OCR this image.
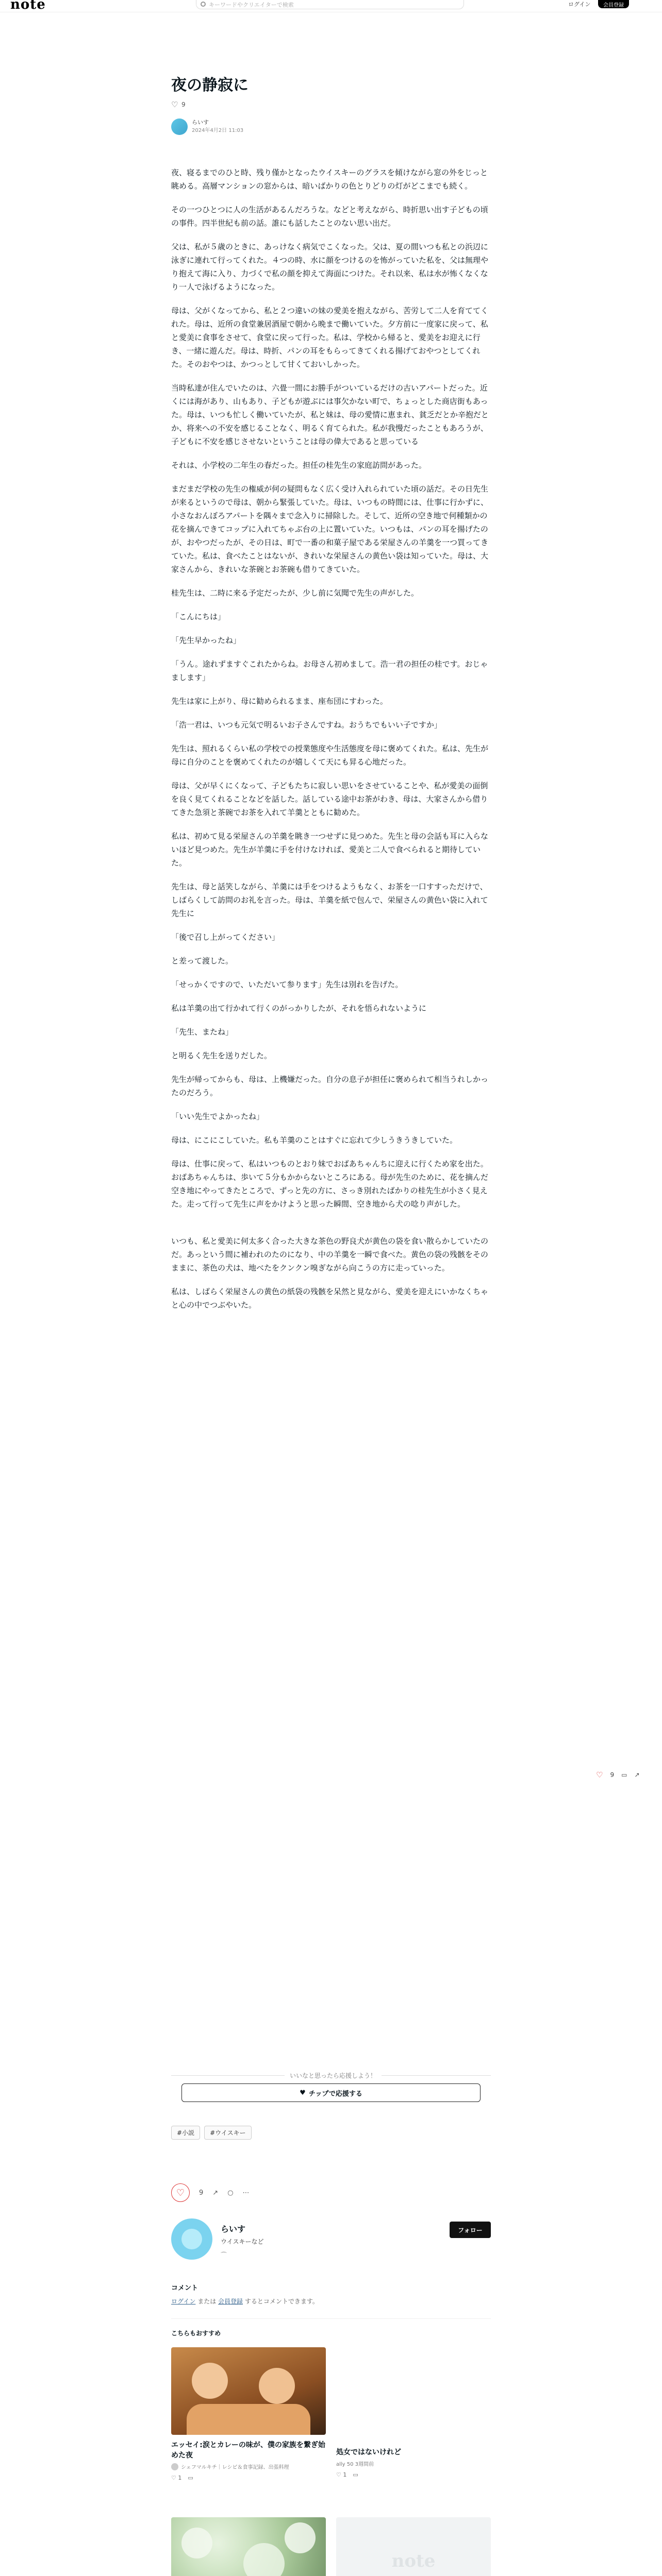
note	キーワードやクリエイターで検索	ログイン	会員登録
♡ 9 ▭ ↗
夜の静寂に
♡
9
らいす
2024年4月2日 11:03

夜、寝るまでのひと時、残り僅かとなったウイスキーのグラスを傾けながら窓の外をじっと眺める。高層マンションの窓からは、暗いばかりの色とりどりの灯がどこまでも続く。

その一つひとつに人の生活があるんだろうな。などと考えながら、時折思い出す子どもの頃の事件。四半世紀も前の話。誰にも話したことのない思い出だ。

父は、私が５歳のときに、あっけなく病気でこくなった。父は、夏の間いつも私との浜辺に泳ぎに連れて行ってくれた。４つの時、水に顔をつけるのを怖がっていた私を、父は無理やり抱えて海に入り、力づくで私の顔を抑えて海面につけた。それ以来、私は水が怖くなくなり一人で泳げるようになった。

母は、父がくなってから、私と２つ違いの妹の愛美を抱えながら、苦労して二人を育ててくれた。母は、近所の食堂兼居酒屋で朝から晩まで働いていた。夕方前に一度家に戻って、私と愛美に食事をさせて、食堂に戻って行った。私は、学校から帰ると、愛美をお迎えに行き、一緒に遊んだ。母は、時折、パンの耳をもらってきてくれる揚げておやつとしてくれた。そのおやつは、かつっとして甘くておいしかった。

当時私達が住んでいたのは、六畳一間にお勝手がついているだけの古いアパートだった。近くには海があり、山もあり、子どもが遊ぶには事欠かない町で、ちょっとした商店街もあった。母は、いつも忙しく働いていたが、私と妹は、母の愛情に恵まれ、貧乏だとか辛抱だとか、将来への不安を感じることなく、明るく育てられた。私が我慢だったこともあろうが、子どもに不安を感じさせないということは母の偉大であると思っている

それは、小学校の二年生の春だった。担任の桂先生の家庭訪問があった。

まだまだ学校の先生の権威が何の疑問もなく広く受け入れられていた頃の話だ。その日先生が来るというので母は、朝から緊張していた。母は、いつもの時間には、仕事に行かずに、小さなおんぼろアパートを隅々まで念入りに掃除した。そして、近所の空き地で何種類かの花を摘んできてコップに入れてちゃぶ台の上に置いていた。いつもは、パンの耳を揚げたのが、おやつだったが、その日は、町で一番の和菓子屋である栄屋さんの羊羹を一つ買ってきていた。私は、食べたことはないが、きれいな栄屋さんの黄色い袋は知っていた。母は、大家さんから、きれいな茶碗とお茶碗も借りてきていた。

桂先生は、二時に来る予定だったが、少し前に気聞で先生の声がした。

「こんにちは」

「先生早かったね」

「うん。途れずますぐこれたからね。お母さん初めまして。浩一君の担任の桂です。おじゃまします」

先生は家に上がり、母に勧められるまま、座布団にすわった。

「浩一君は、いつも元気で明るいお子さんですね。おうちでもいい子ですか」

先生は、照れるくらい私の学校での授業態度や生活態度を母に褒めてくれた。私は、先生が母に自分のことを褒めてくれたのが嬉しくて天にも昇る心地だった。

母は、父が早くにくなって、子どもたちに寂しい思いをさせていることや、私が愛美の面倒を良く見てくれることなどを話した。話している途中お茶がわき、母は、大家さんから借りてきた急須と茶碗でお茶を入れて羊羹とともに勧めた。

私は、初めて見る栄屋さんの羊羹を眺き一つせずに見つめた。先生と母の会話も耳に入らないほど見つめた。先生が羊羹に手を付けなければ、愛美と二人で食べられると期待していた。

先生は、母と話笑しながら、羊羹には手をつけるようもなく、お茶を一口すすっただけで、しばらくして訪問のお礼を言った。母は、羊羹を紙で包んで、栄屋さんの黄色い袋に入れて先生に

「後で召し上がってください」

と差って渡した。

「せっかくですので、いただいて参ります」先生は別れを告げた。

私は羊羹の出て行かれて行くのがっかりしたが、それを悟られないように

「先生、またね」

と明るく先生を送りだした。

先生が帰ってからも、母は、上機嫌だった。自分の息子が担任に褒められて相当うれしかったのだろう。

「いい先生でよかったね」

母は、にこにこしていた。私も羊羹のことはすぐに忘れて少しうきうきしていた。

母は、仕事に戻って、私はいつものとおり妹でおばあちゃんちに迎えに行くため家を出た。おばあちゃんちは、歩いて５分もかからないところにある。母が先生のために、花を摘んだ空き地にやってきたところで、ずっと先の方に、さっき別れたばかりの桂先生が小さく見えた。走って行って先生に声をかけようと思った瞬間、空き地から犬の唸り声がした。

いつも、私と愛美に何太多く合った大きな茶色の野良犬が黄色の袋を食い散らかしていたのだ。あっという間に補われのたのになり、中の羊羹を一瞬で食べた。黄色の袋の残骸をそのままに、茶色の犬は、地べたをクンクン嗅ぎながら向こうの方に走っていった。

私は、しばらく栄屋さんの黄色の紙袋の残骸を呆然と見ながら、愛美を迎えにいかなくちゃと心の中でつぶやいた。

いいなと思ったら応援しよう！
♥ チップで応援する
#小説	#ウイスキー
♡	9 ↗ ○ ⋯
らいす
ウイスキーなど
⌒
フォロー
コメント
ログイン または 会員登録 するとコメントできます。
こちらもおすすめ
エッセイ:涙とカレーの味が、僕の家族を繋ぎ始めた夜
シェフマルキチ｜レシピ＆食事記録、出張料理
♡ 1 ▭
処女ではないけれど
ally 50 3週間前
♡ 1 ▭
note
